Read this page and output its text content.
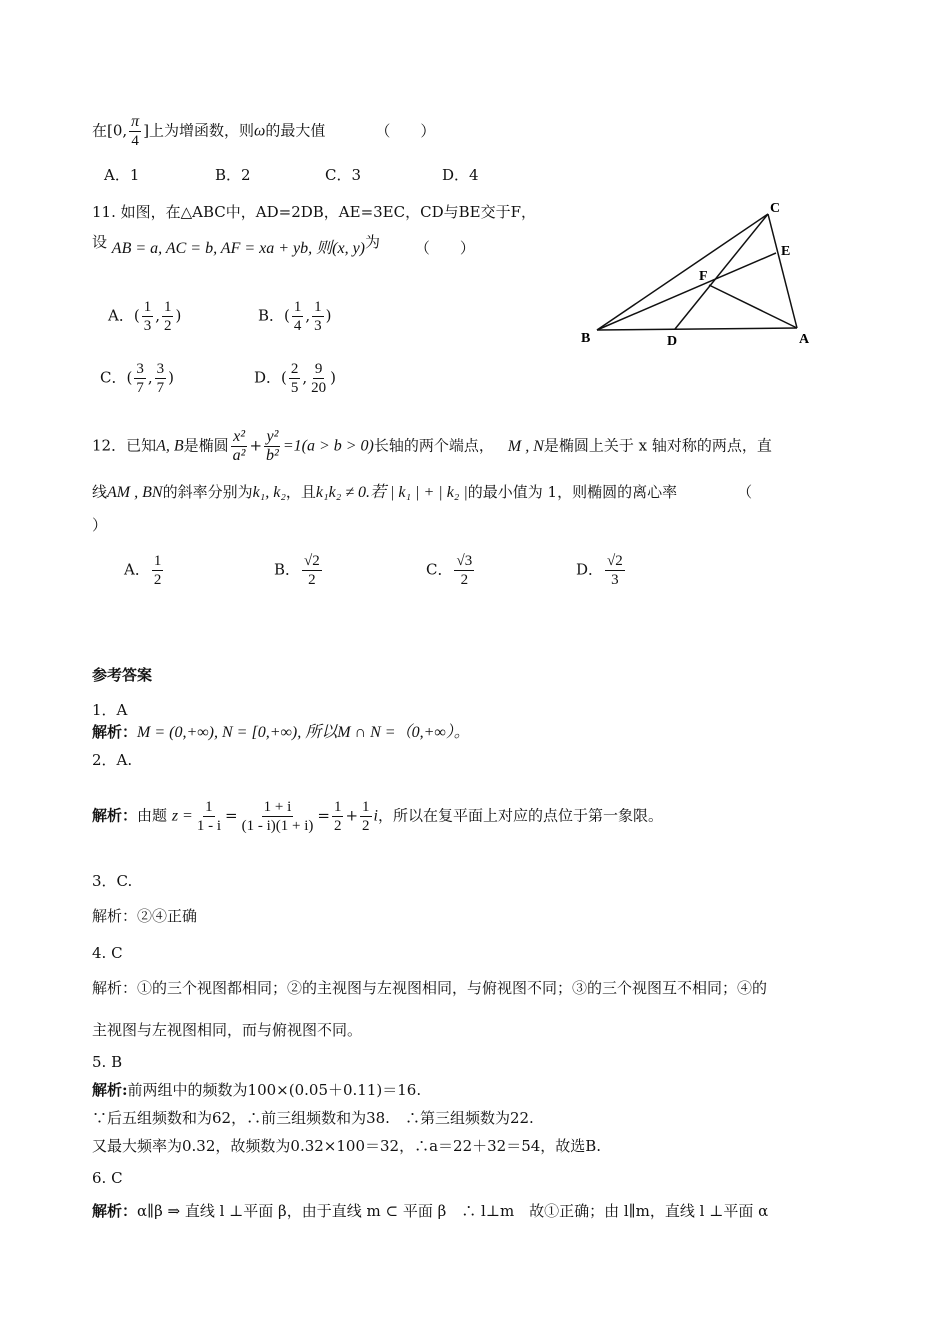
在[0, $\frac{\pi}{4}$ ]上为增函数，则ω的最大值	（　　）
A．1	B．2	C．3	D．4
11. 如图，在△ABC中，AD=2DB，AE=3EC，CD与BE交于F，
设 AB = a, AC = b, AF = xa + yb, 则(x, y)为 （　　）
A．( $\frac{1}{3}$ , $\frac{1}{2}$ )	B．( $\frac{1}{4}$ , $\frac{1}{3}$ )
C．( $\frac{3}{7}$ , $\frac{3}{7}$ )	D．( $\frac{2}{5}$ , $\frac{9}{20}$ )
C
E
F
B	D	A
12．已知A, B是椭圆 $\frac{\text{x²}}{\text{a²}} + \frac{\text{y²}}{\text{b²}} =1(a > b > 0)$长轴的两个端点， M , N是椭圆上关于 x 轴对称的两点，直
线AM , BN的斜率分别为k₁, k₂，且k₁k₂ ≠ 0.若 | k₁ | + | k₂ |的最小值为 1，则椭圆的离心率	（
）
A． $\frac{1}{2}$	B． $\frac{√2}{2}$	C． $\frac{√3}{2}$	D． $\frac{√2}{3}$
参考答案
1．A
解析：M = (0,+∞), N = [0,+∞), 所以M ∩ N =（0,+∞）。
2．A.
解析：由题 $z = \frac{1}{1 - i} = \frac{1 + i}{(1 - i)(1 + i)} = \frac{1}{2} + \frac{1}{2}$ i，所以在复平面上对应的点位于第一象限。
3．C.
解析：②④正确
4. C
解析：①的三个视图都相同；②的主视图与左视图相同，与俯视图不同；③的三个视图互不相同；④的
主视图与左视图相同，而与俯视图不同。
5. B
解析:前两组中的频数为100×(0.05＋0.11)＝16.
∵后五组频数和为62，∴前三组频数和为38.　∴第三组频数为22.
又最大频率为0.32，故频数为0.32×100＝32，∴a＝22＋32＝54，故选B.
6. C
解析：α∥β ⇒ 直线 l ⊥平面 β，由于直线 m ⊂ 平面 β　∴ l⊥m　故①正确；由 l∥m，直线 l ⊥平面 α
